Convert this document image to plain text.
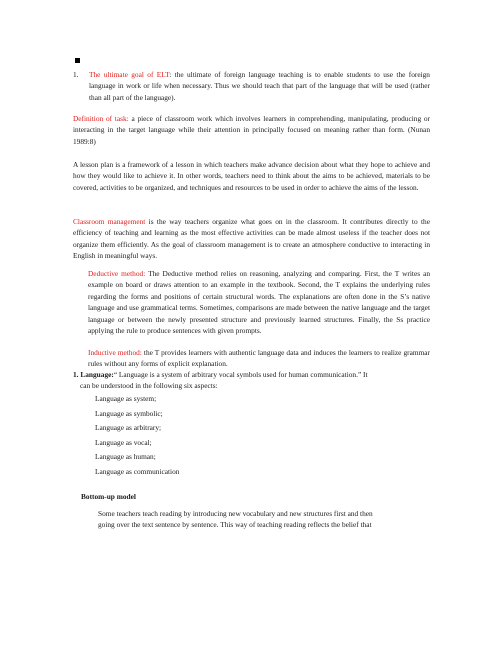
1.	The ultimate goal of ELT: the ultimate of foreign language teaching is to enable students to use the foreign language in work or life when necessary. Thus we should teach that part of the language that will be used (rather than all part of the language).

Definition of task: a piece of classroom work which involves learners in comprehending, manipulating, producing or interacting in the target language while their attention in principally focused on meaning rather than form. (Nunan 1989:8)

A lesson plan is a framework of a lesson in which teachers make advance decision about what they hope to achieve and how they would like to achieve it. In other words, teachers need to think about the aims to be achieved, materials to be covered, activities to be organized, and techniques and resources to be used in order to achieve the aims of the lesson.

Classroom management is the way teachers organize what goes on in the classroom. It contributes directly to the efficiency of teaching and learning as the most effective activities can be made almost useless if the teacher does not organize them efficiently. As the goal of classroom management is to create an atmosphere conductive to interacting in English in meaningful ways.

Deductive method: The Deductive method relies on reasoning, analyzing and comparing. First, the T writes an example on board or draws attention to an example in the textbook. Second, the T explains the underlying rules regarding the forms and positions of certain structural words. The explanations are often done in the S’s native language and use grammatical terms. Sometimes, comparisons are made between the native language and the target language or between the newly presented structure and previously learned structures. Finally, the Ss practice applying the rule to produce sentences with given prompts.

Inductive method: the T provides learners with authentic language data and induces the learners to realize grammar rules without any forms of explicit explanation.

1. Language:“ Language is a system of arbitrary vocal symbols used for human communication.” It
can be understood in the following six aspects:

Language as system;
Language as symbolic;
Language as arbitrary;
Language as vocal;
Language as human;
Language as communication

Bottom-up model

Some teachers teach reading by introducing new vocabulary and new structures first and then
going over the text sentence by sentence. This way of teaching reading reflects the belief that
